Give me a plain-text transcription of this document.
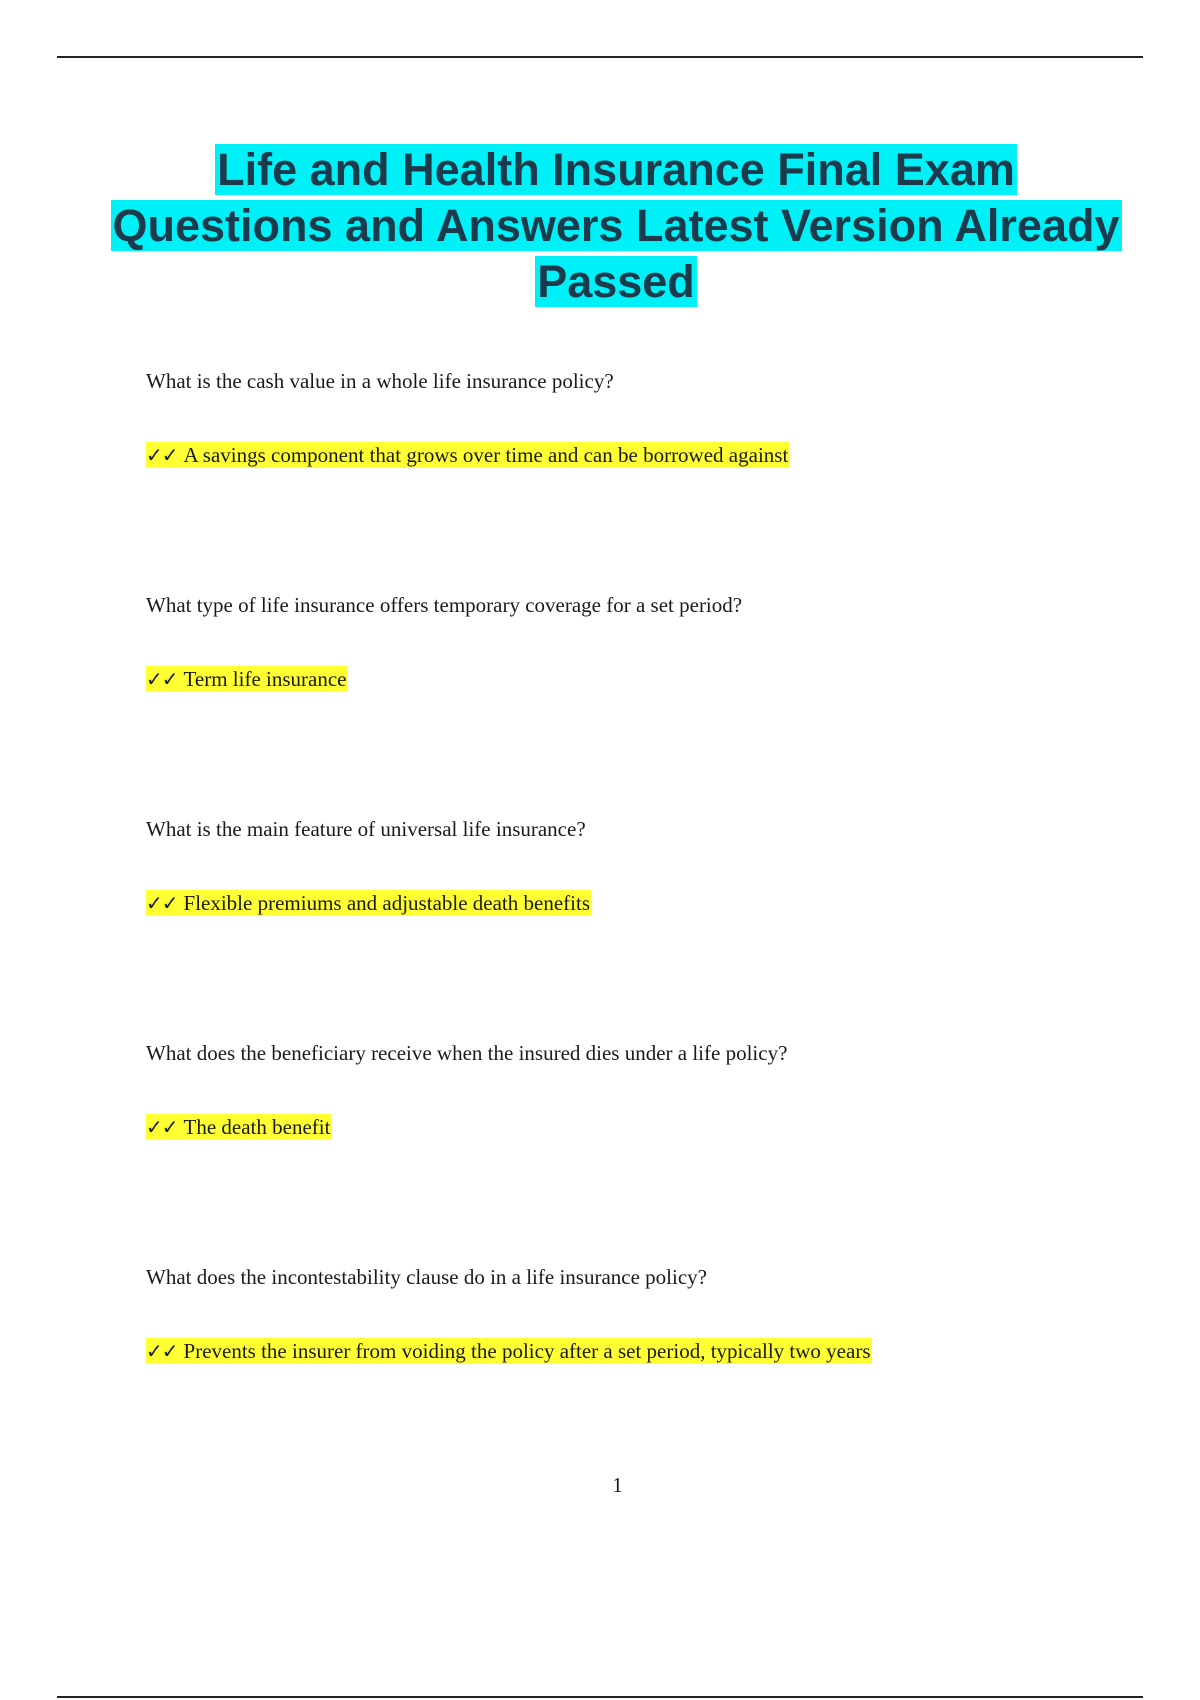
Life and Health Insurance Final Exam Questions and Answers Latest Version Already Passed

What is the cash value in a whole life insurance policy?

✓✓ A savings component that grows over time and can be borrowed against

What type of life insurance offers temporary coverage for a set period?

✓✓ Term life insurance

What is the main feature of universal life insurance?

✓✓ Flexible premiums and adjustable death benefits

What does the beneficiary receive when the insured dies under a life policy?

✓✓ The death benefit

What does the incontestability clause do in a life insurance policy?

✓✓ Prevents the insurer from voiding the policy after a set period, typically two years

1
